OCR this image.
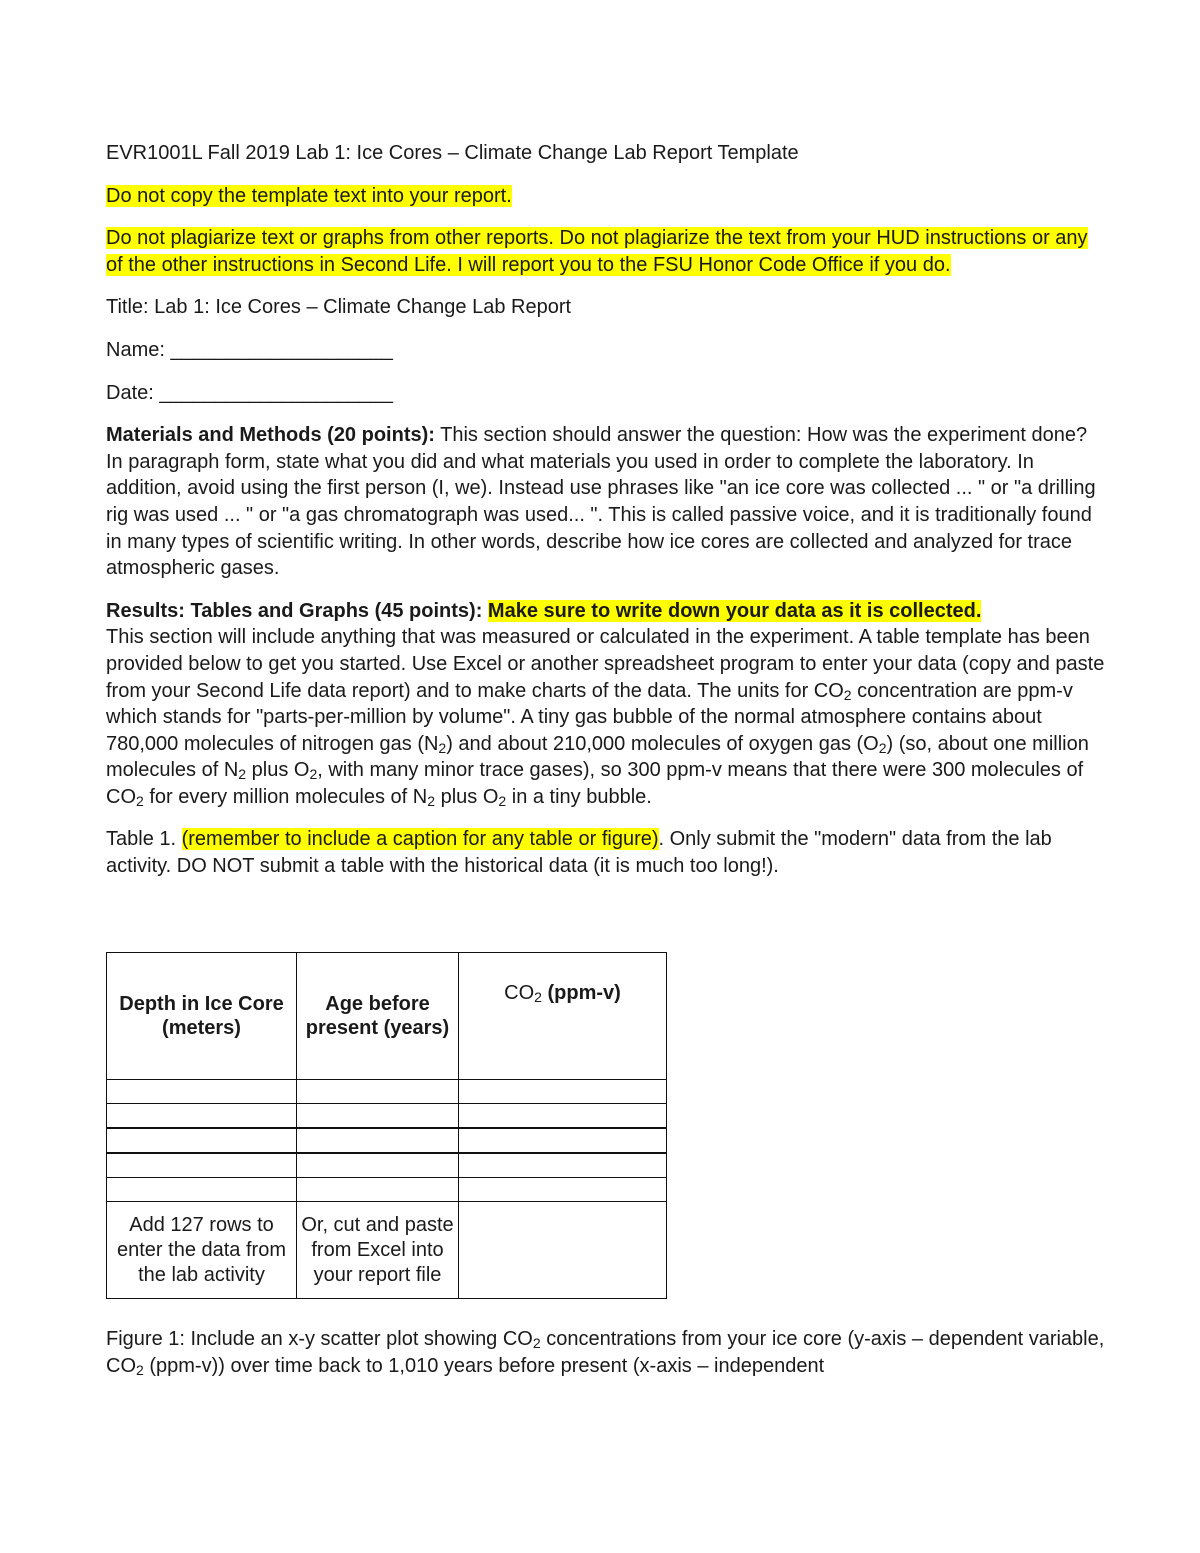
EVR1001L Fall 2019 Lab 1: Ice Cores – Climate Change Lab Report Template

Do not copy the template text into your report.

Do not plagiarize text or graphs from other reports. Do not plagiarize the text from your HUD instructions or any of the other instructions in Second Life. I will report you to the FSU Honor Code Office if you do.

Title: Lab 1: Ice Cores – Climate Change Lab Report

Name: ____________________

Date: _____________________

Materials and Methods (20 points): This section should answer the question: How was the experiment done? In paragraph form, state what you did and what materials you used in order to complete the laboratory. In addition, avoid using the first person (I, we). Instead use phrases like "an ice core was collected ... " or "a drilling rig was used ... " or "a gas chromatograph was used... ". This is called passive voice, and it is traditionally found in many types of scientific writing. In other words, describe how ice cores are collected and analyzed for trace atmospheric gases.

Results: Tables and Graphs (45 points): Make sure to write down your data as it is collected.

This section will include anything that was measured or calculated in the experiment. A table template has been provided below to get you started. Use Excel or another spreadsheet program to enter your data (copy and paste from your Second Life data report) and to make charts of the data. The units for $CO_2$ concentration are ppm-v which stands for "parts-per-million by volume". A tiny gas bubble of the normal atmosphere contains about 780,000 molecules of nitrogen gas $(N_2)$ and about 210,000 molecules of oxygen gas $(O_2)$ (so, about one million molecules of $N_2$ plus $O_2$, with many minor trace gases), so 300 ppm-v means that there were 300 molecules of $CO_2$ for every million molecules of $N_2$ plus $O_2$ in a tiny bubble.

Table 1. (remember to include a caption for any table or figure). Only submit the "modern" data from the lab activity. DO NOT submit a table with the historical data (it is much too long!).

Depth in Ice Core (meters)	Age before present (years)	$CO_2$ (ppm-v)

Add 127 rows to enter the data from the lab activity	Or, cut and paste from Excel into your report file	

Figure 1: Include an x-y scatter plot showing $CO_2$ concentrations from your ice core (y-axis – dependent variable, $CO_2$ (ppm-v)) over time back to 1,010 years before present (x-axis – independent
